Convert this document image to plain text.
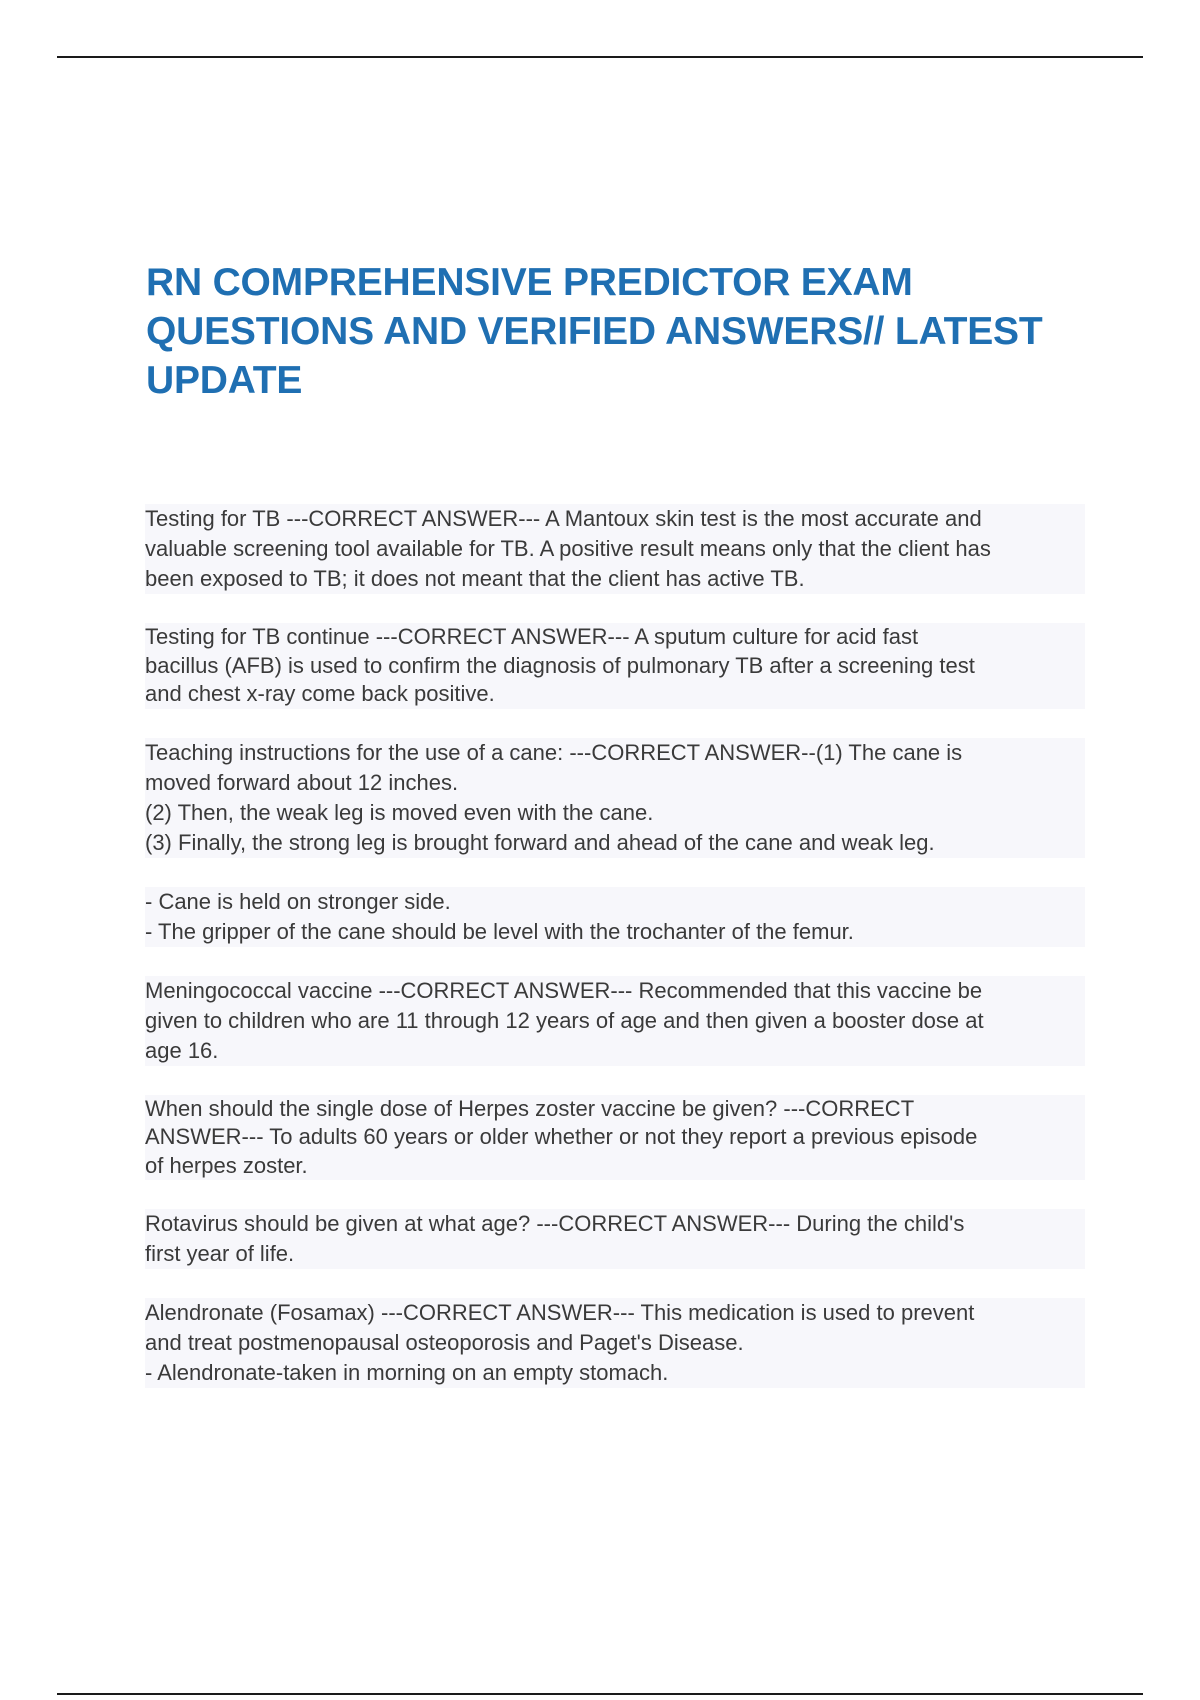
RN COMPREHENSIVE PREDICTOR EXAM
QUESTIONS AND VERIFIED ANSWERS// LATEST
UPDATE
Testing for TB ---CORRECT ANSWER--- A Mantoux skin test is the most accurate and
valuable screening tool available for TB. A positive result means only that the client has
been exposed to TB; it does not meant that the client has active TB.
Testing for TB continue ---CORRECT ANSWER--- A sputum culture for acid fast
bacillus (AFB) is used to confirm the diagnosis of pulmonary TB after a screening test
and chest x-ray come back positive.
Teaching instructions for the use of a cane: ---CORRECT ANSWER--(1) The cane is
moved forward about 12 inches.
(2) Then, the weak leg is moved even with the cane.
(3) Finally, the strong leg is brought forward and ahead of the cane and weak leg.
- Cane is held on stronger side.
- The gripper of the cane should be level with the trochanter of the femur.
Meningococcal vaccine ---CORRECT ANSWER--- Recommended that this vaccine be
given to children who are 11 through 12 years of age and then given a booster dose at
age 16.
When should the single dose of Herpes zoster vaccine be given? ---CORRECT
ANSWER--- To adults 60 years or older whether or not they report a previous episode
of herpes zoster.
Rotavirus should be given at what age? ---CORRECT ANSWER--- During the child's
first year of life.
Alendronate (Fosamax) ---CORRECT ANSWER--- This medication is used to prevent
and treat postmenopausal osteoporosis and Paget's Disease.
- Alendronate-taken in morning on an empty stomach.
